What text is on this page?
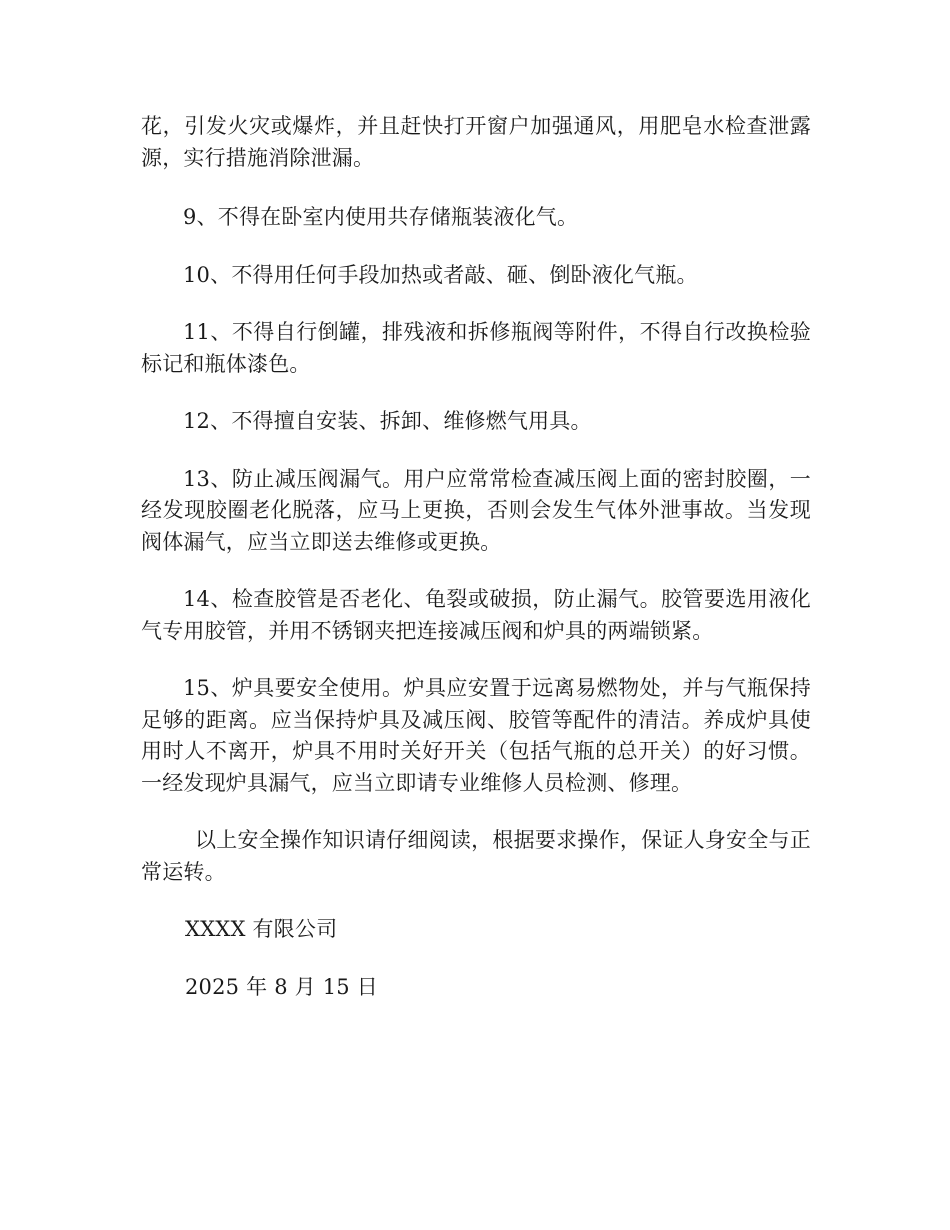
花，引发火灾或爆炸，并且赶快打开窗户加强通风，用肥皂水检查泄露源，实行措施消除泄漏。

9、不得在卧室内使用共存储瓶装液化气。

10、不得用任何手段加热或者敲、砸、倒卧液化气瓶。

11、不得自行倒罐，排残液和拆修瓶阀等附件，不得自行改换检验标记和瓶体漆色。

12、不得擅自安装、拆卸、维修燃气用具。

13、防止减压阀漏气。用户应常常检查减压阀上面的密封胶圈，一经发现胶圈老化脱落，应马上更换，否则会发生气体外泄事故。当发现阀体漏气，应当立即送去维修或更换。

14、检查胶管是否老化、龟裂或破损，防止漏气。胶管要选用液化气专用胶管，并用不锈钢夹把连接减压阀和炉具的两端锁紧。

15、炉具要安全使用。炉具应安置于远离易燃物处，并与气瓶保持足够的距离。应当保持炉具及减压阀、胶管等配件的清洁。养成炉具使用时人不离开，炉具不用时关好开关（包括气瓶的总开关）的好习惯。一经发现炉具漏气，应当立即请专业维修人员检测、修理。

以上安全操作知识请仔细阅读，根据要求操作，保证人身安全与正常运转。

XXXX 有限公司

2025 年 8 月 15 日
